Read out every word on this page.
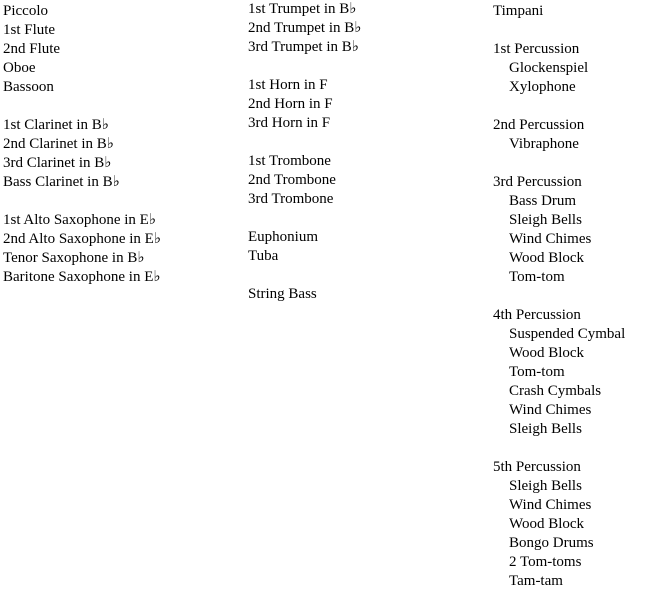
Piccolo
1st Flute
2nd Flute
Oboe
Bassoon
1st Clarinet in B♭
2nd Clarinet in B♭
3rd Clarinet in B♭
Bass Clarinet in B♭
1st Alto Saxophone in E♭
2nd Alto Saxophone in E♭
Tenor Saxophone in B♭
Baritone Saxophone in E♭
1st Trumpet in B♭
2nd Trumpet in B♭
3rd Trumpet in B♭
1st Horn in F
2nd Horn in F
3rd Horn in F
1st Trombone
2nd Trombone
3rd Trombone
Euphonium
Tuba
String Bass
Timpani
1st Percussion
Glockenspiel
Xylophone
2nd Percussion
Vibraphone
3rd Percussion
Bass Drum
Sleigh Bells
Wind Chimes
Wood Block
Tom-tom
4th Percussion
Suspended Cymbal
Wood Block
Tom-tom
Crash Cymbals
Wind Chimes
Sleigh Bells
5th Percussion
Sleigh Bells
Wind Chimes
Wood Block
Bongo Drums
2 Tom-toms
Tam-tam
